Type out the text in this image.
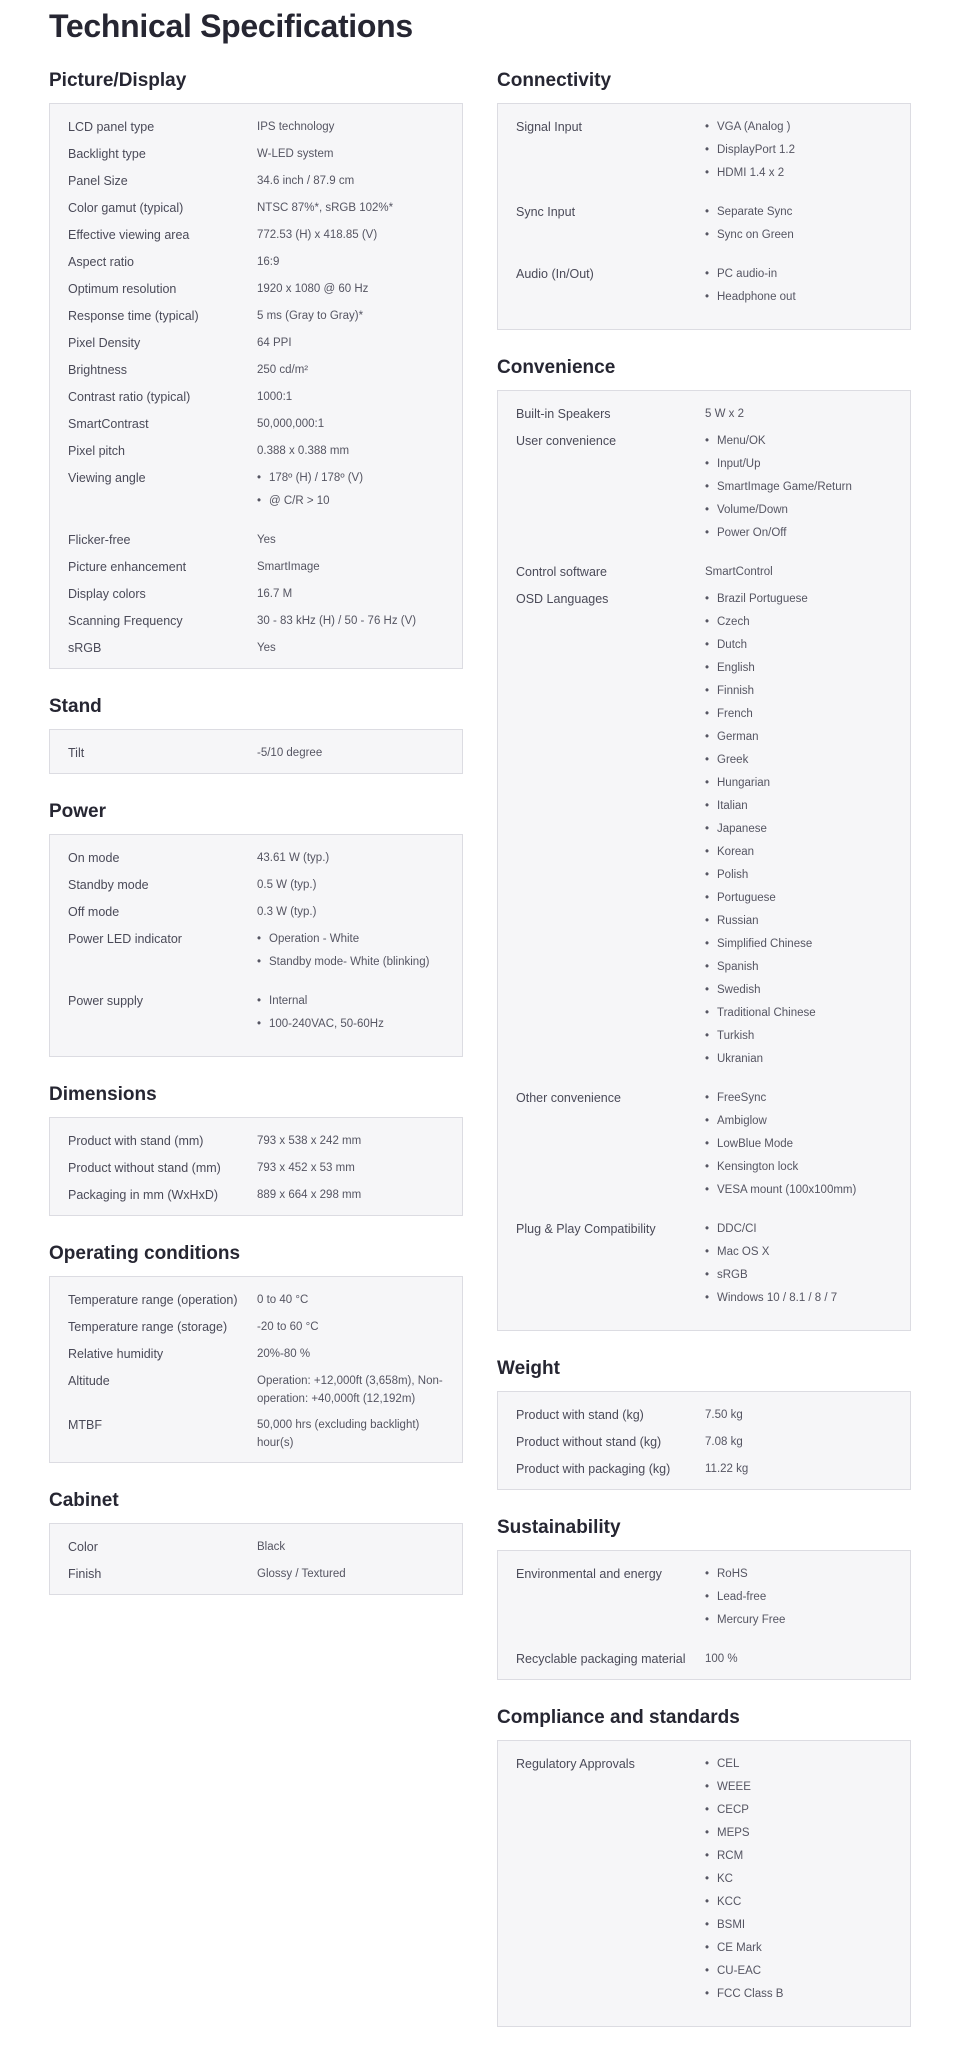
Technical Specifications
Picture/Display
LCD panel type	IPS technology
Backlight type	W-LED system
Panel Size	34.6 inch / 87.9 cm
Color gamut (typical)	NTSC 87%*, sRGB 102%*
Effective viewing area	772.53 (H) x 418.85 (V)
Aspect ratio	16:9
Optimum resolution	1920 x 1080 @ 60 Hz
Response time (typical)	5 ms (Gray to Gray)*
Pixel Density	64 PPI
Brightness	250 cd/m²
Contrast ratio (typical)	1000:1
SmartContrast	50,000,000:1
Pixel pitch	0.388 x 0.388 mm
Viewing angle	• 178º (H) / 178º (V)
• @ C/R > 10
Flicker-free	Yes
Picture enhancement	SmartImage
Display colors	16.7 M
Scanning Frequency	30 - 83 kHz (H) / 50 - 76 Hz (V)
sRGB	Yes
Stand
Tilt	-5/10 degree
Power
On mode	43.61 W (typ.)
Standby mode	0.5 W (typ.)
Off mode	0.3 W (typ.)
Power LED indicator	• Operation - White
• Standby mode- White (blinking)
Power supply	• Internal
• 100-240VAC, 50-60Hz
Dimensions
Product with stand (mm)	793 x 538 x 242 mm
Product without stand (mm)	793 x 452 x 53 mm
Packaging in mm (WxHxD)	889 x 664 x 298 mm
Operating conditions
Temperature range (operation)	0 to 40 °C
Temperature range (storage)	-20 to 60 °C
Relative humidity	20%-80 %
Altitude	Operation: +12,000ft (3,658m), Non-operation: +40,000ft (12,192m)
MTBF	50,000 hrs (excluding backlight) hour(s)
Cabinet
Color	Black
Finish	Glossy / Textured
Connectivity
Signal Input	• VGA (Analog )
• DisplayPort 1.2
• HDMI 1.4 x 2
Sync Input	• Separate Sync
• Sync on Green
Audio (In/Out)	• PC audio-in
• Headphone out
Convenience
Built-in Speakers	5 W x 2
User convenience	• Menu/OK
• Input/Up
• SmartImage Game/Return
• Volume/Down
• Power On/Off
Control software	SmartControl
OSD Languages	• Brazil Portuguese
• Czech
• Dutch
• English
• Finnish
• French
• German
• Greek
• Hungarian
• Italian
• Japanese
• Korean
• Polish
• Portuguese
• Russian
• Simplified Chinese
• Spanish
• Swedish
• Traditional Chinese
• Turkish
• Ukranian
Other convenience	• FreeSync
• Ambiglow
• LowBlue Mode
• Kensington lock
• VESA mount (100x100mm)
Plug & Play Compatibility	• DDC/CI
• Mac OS X
• sRGB
• Windows 10 / 8.1 / 8 / 7
Weight
Product with stand (kg)	7.50 kg
Product without stand (kg)	7.08 kg
Product with packaging (kg)	11.22 kg
Sustainability
Environmental and energy	• RoHS
• Lead-free
• Mercury Free
Recyclable packaging material	100 %
Compliance and standards
Regulatory Approvals	• CEL
• WEEE
• CECP
• MEPS
• RCM
• KC
• KCC
• BSMI
• CE Mark
• CU-EAC
• FCC Class B
